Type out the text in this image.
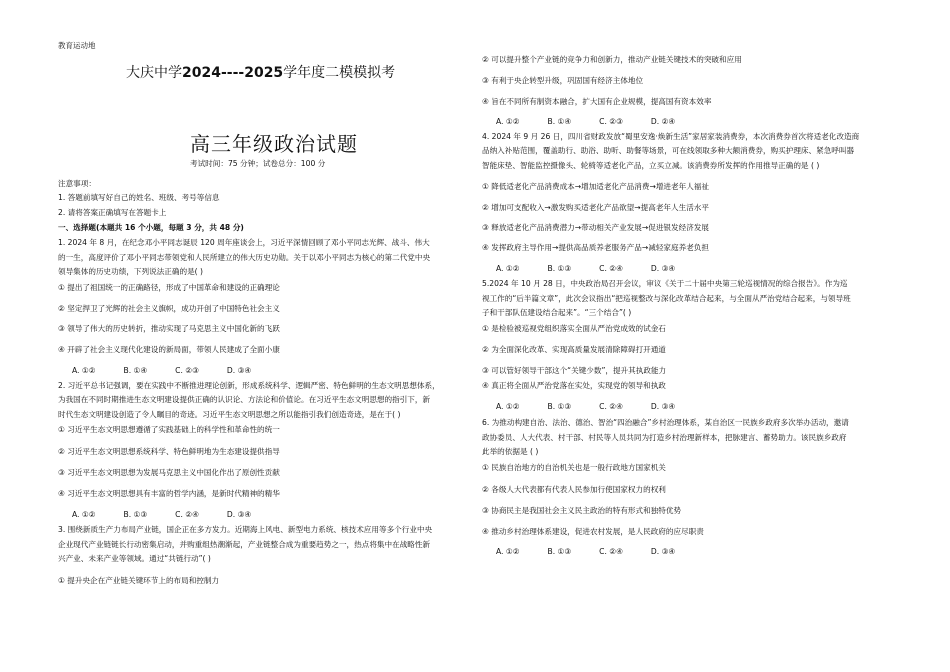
教育运动地
大庆中学2024----2025学年度二模模拟考
高三年级政治试题
考试时间：75 分钟；试卷总分：100 分
注意事项：
1. 答题前填写好自己的姓名、班级、考号等信息
2. 请将答案正确填写在答题卡上
一、选择题(本题共 16 个小题，每题 3 分，共 48 分)
1. 2024 年 8 月，在纪念邓小平同志诞辰 120 周年座谈会上，习近平深情回顾了邓小平同志光辉、战斗、伟大
的一生，高度评价了邓小平同志带领党和人民所建立的伟大历史功勋。关于以邓小平同志为核心的第二代党中央
领导集体的历史功绩，下列说法正确的是( )
① 提出了祖国统一的正确路径，形成了中国革命和建设的正确理论
② 坚定捍卫了光辉的社会主义旗帜，成功开创了中国特色社会主义
③ 领导了伟大的历史转折，推动实现了马克思主义中国化新的飞跃
④ 开辟了社会主义现代化建设的新局面，带领人民建成了全面小康
A. ①②	B. ①④	C. ②③	D. ③④
2. 习近平总书记强调，要在实践中不断推进理论创新，形成系统科学、逻辑严密、特色鲜明的生态文明思想体系，
为我国在不同时期推进生态文明建设提供正确的认识论、方法论和价值论。在习近平生态文明思想的指引下，新
时代生态文明建设创造了令人瞩目的奇迹。习近平生态文明思想之所以能指引我们创造奇迹，是在于( )
① 习近平生态文明思想遵循了实践基础上的科学性和革命性的统一
② 习近平生态文明思想系统科学、特色鲜明地为生态建设提供指导
③ 习近平生态文明思想为发展马克思主义中国化作出了原创性贡献
④ 习近平生态文明思想具有丰富的哲学内涵，是新时代精神的精华
A. ①②	B. ①③	C. ②④	D. ③④
3. 围绕新质生产力布局产业链，国企正在多方发力。近期海上风电、新型电力系统、核技术应用等多个行业中央
企业现代产业链链长行动密集启动，并购重组热潮渐起，产业链整合成为重要趋势之一，热点将集中在战略性新
兴产业、未来产业等领域。通过“共链行动”( )
① 提升央企在产业链关键环节上的布局和控制力
② 可以提升整个产业链的竞争力和创新力，推动产业链关键技术的突破和应用
③ 有利于央企转型升级，巩固国有经济主体地位
④ 旨在不同所有制资本融合，扩大国有企业规模，提高国有资本效率
A. ①②	B. ①④	C. ②③	D. ②④
4. 2024 年 9 月 26 日，四川省财政发放“蜀里安逸·焕新生活”家居家装消费券，本次消费券首次将适老化改造商
品纳入补贴范围，覆盖助行、助浴、助听、助餐等场景，可在线领取多种大额消费券，购买护理床、紧急呼叫器
智能床垫、智能监控摄像头、轮椅等适老化产品，立买立减。该消费券所发挥的作用推导正确的是 ( )
① 降低适老化产品消费成本→增加适老化产品消费→增进老年人福祉
② 增加可支配收入→激发购买适老化产品欲望→提高老年人生活水平
③ 释放适老化产品消费潜力→带动相关产业发展→促进银发经济发展
④ 发挥政府主导作用→提供高品质养老服务产品→减轻家庭养老负担
A. ①②	B. ①③	C. ②④	D. ③④
5.2024 年 10 月 28 日，中央政治局召开会议，审议《关于二十届中央第三轮巡视情况的综合报告》。作为巡
视工作的“后半篇文章”，此次会议指出“把巡视整改与深化改革结合起来，与全面从严治党结合起来，与领导班
子和干部队伍建设结合起来”。“三个结合”( )
① 是检验被巡视党组织落实全面从严治党成效的试金石
② 为全面深化改革、实现高质量发展清除障碍打开通道
③ 可以管好领导干部这个“关键少数”，提升其执政能力
④ 真正将全面从严治党落在实处，实现党的领导和执政
A. ①②	B. ①③	C. ②④	D. ③④
6. 为推动构建自治、法治、德治、智治“四治融合”乡村治理体系，某自治区一民族乡政府多次举办活动，邀请
政协委员、人大代表、村干部、村民等人员共同为打造乡村治理新样本，把脉建言、蓄势助力。该民族乡政府
此举的依据是 ( )
① 民族自治地方的自治机关也是一般行政地方国家机关
② 各级人大代表都有代表人民参加行使国家权力的权利
③ 协商民主是我国社会主义民主政治的特有形式和独特优势
④ 推动乡村治理体系建设，促进农村发展，是人民政府的应尽职责
A. ①②	B. ①③	C. ②④	D. ③④
